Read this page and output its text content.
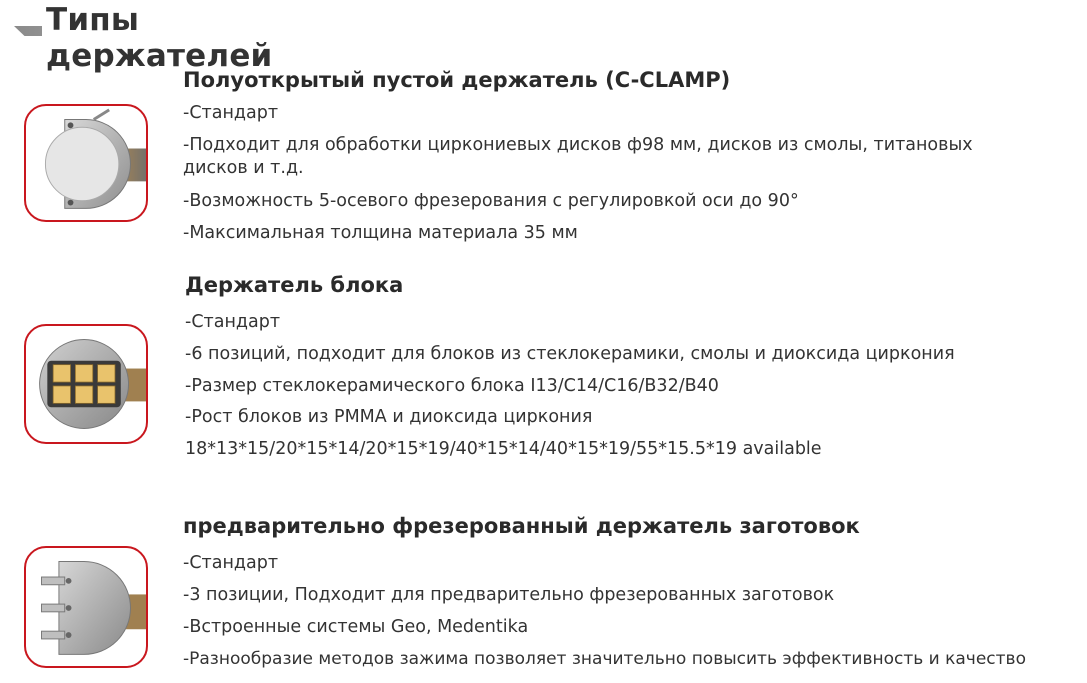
Типы держателей
Полуоткрытый пустой держатель (C-CLAMP)
-Стандарт
-Подходит для обработки циркониевых дисков ф98 мм, дисков из смолы, титановых
дисков и т.д.
-Возможность 5-осевого фрезерования с регулировкой оси до 90°
-Максимальная толщина материала 35 мм
Держатель блока
-Стандарт
-6 позиций, подходит для блоков из стеклокерамики, смолы и диоксида циркония
-Размер стеклокерамического блока I13/C14/C16/B32/B40
-Рост блоков из PMMA и диоксида циркония
18*13*15/20*15*14/20*15*19/40*15*14/40*15*19/55*15.5*19 available
предварительно фрезерованный держатель заготовок
-Стандарт
-3 позиции, Подходит для предварительно фрезерованных заготовок
-Встроенные системы Geo, Medentika
-Разнообразие методов зажима позволяет значительно повысить эффективность и качество
